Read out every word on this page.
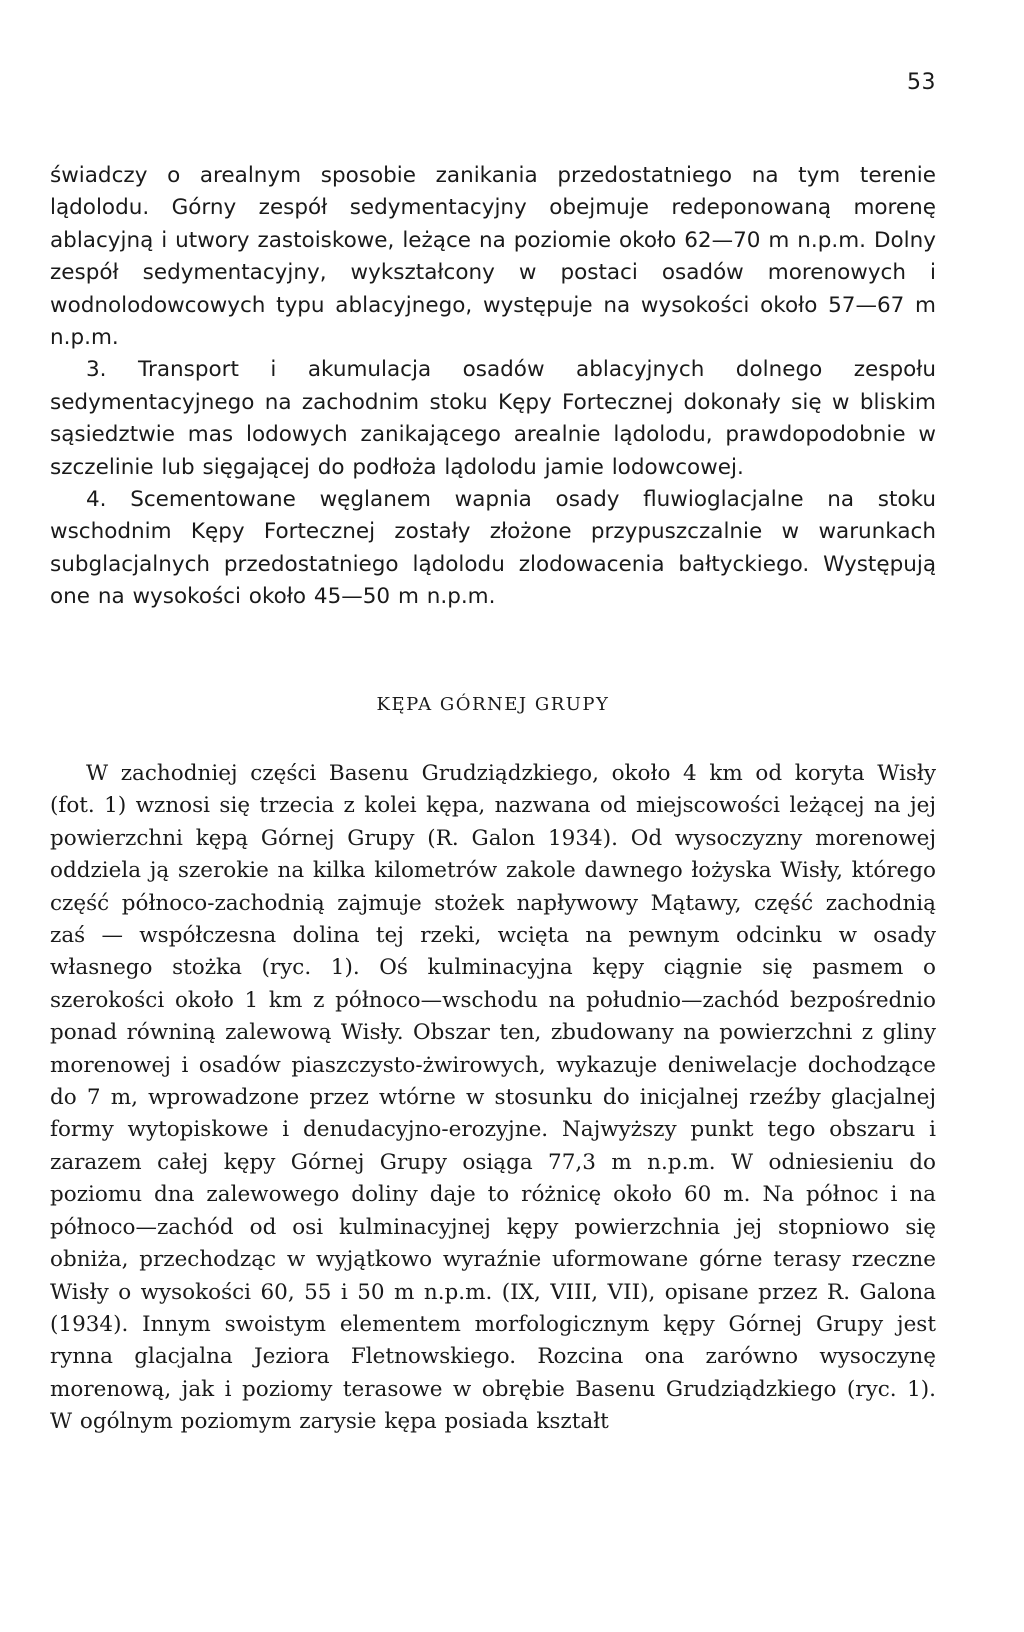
53

świadczy o arealnym sposobie zanikania przedostatniego na tym terenie lądolodu. Górny zespół sedymentacyjny obejmuje redeponowaną morenę ablacyjną i utwory zastoiskowe, leżące na poziomie około 62—70 m n.p.m. Dolny zespół sedymentacyjny, wykształcony w postaci osadów morenowych i wodnolodowcowych typu ablacyjnego, występuje na wysokości około 57—67 m n.p.m.

3. Transport i akumulacja osadów ablacyjnych dolnego zespołu sedymentacyjnego na zachodnim stoku Kępy Fortecznej dokonały się w bliskim sąsiedztwie mas lodowych zanikającego arealnie lądolodu, prawdopodobnie w szczelinie lub sięgającej do podłoża lądolodu jamie lodowcowej.

4. Scementowane węglanem wapnia osady fluwioglacjalne na stoku wschodnim Kępy Fortecznej zostały złożone przypuszczalnie w warunkach subglacjalnych przedostatniego lądolodu zlodowacenia bałtyckiego. Występują one na wysokości około 45—50 m n.p.m.

KĘPA GÓRNEJ GRUPY

W zachodniej części Basenu Grudziądzkiego, około 4 km od koryta Wisły (fot. 1) wznosi się trzecia z kolei kępa, nazwana od miejscowości leżącej na jej powierzchni kępą Górnej Grupy (R. Galon 1934). Od wysoczyzny morenowej oddziela ją szerokie na kilka kilometrów zakole dawnego łożyska Wisły, którego część północo-zachodnią zajmuje stożek napływowy Mątawy, część zachodnią zaś — współczesna dolina tej rzeki, wcięta na pewnym odcinku w osady własnego stożka (ryc. 1). Oś kulminacyjna kępy ciągnie się pasmem o szerokości około 1 km z północo—wschodu na południo—zachód bezpośrednio ponad równiną zalewową Wisły. Obszar ten, zbudowany na powierzchni z gliny morenowej i osadów piaszczysto-żwirowych, wykazuje deniwelacje dochodzące do 7 m, wprowadzone przez wtórne w stosunku do inicjalnej rzeźby glacjalnej formy wytopiskowe i denudacyjno-erozyjne. Najwyższy punkt tego obszaru i zarazem całej kępy Górnej Grupy osiąga 77,3 m n.p.m. W odniesieniu do poziomu dna zalewowego doliny daje to różnicę około 60 m. Na północ i na północo—zachód od osi kulminacyjnej kępy powierzchnia jej stopniowo się obniża, przechodząc w wyjątkowo wyraźnie uformowane górne terasy rzeczne Wisły o wysokości 60, 55 i 50 m n.p.m. (IX, VIII, VII), opisane przez R. Galona (1934). Innym swoistym elementem morfologicznym kępy Górnej Grupy jest rynna glacjalna Jeziora Fletnowskiego. Rozcina ona zarówno wysoczynę morenową, jak i poziomy terasowe w obrębie Basenu Grudziądzkiego (ryc. 1). W ogólnym poziomym zarysie kępa posiada kształt
